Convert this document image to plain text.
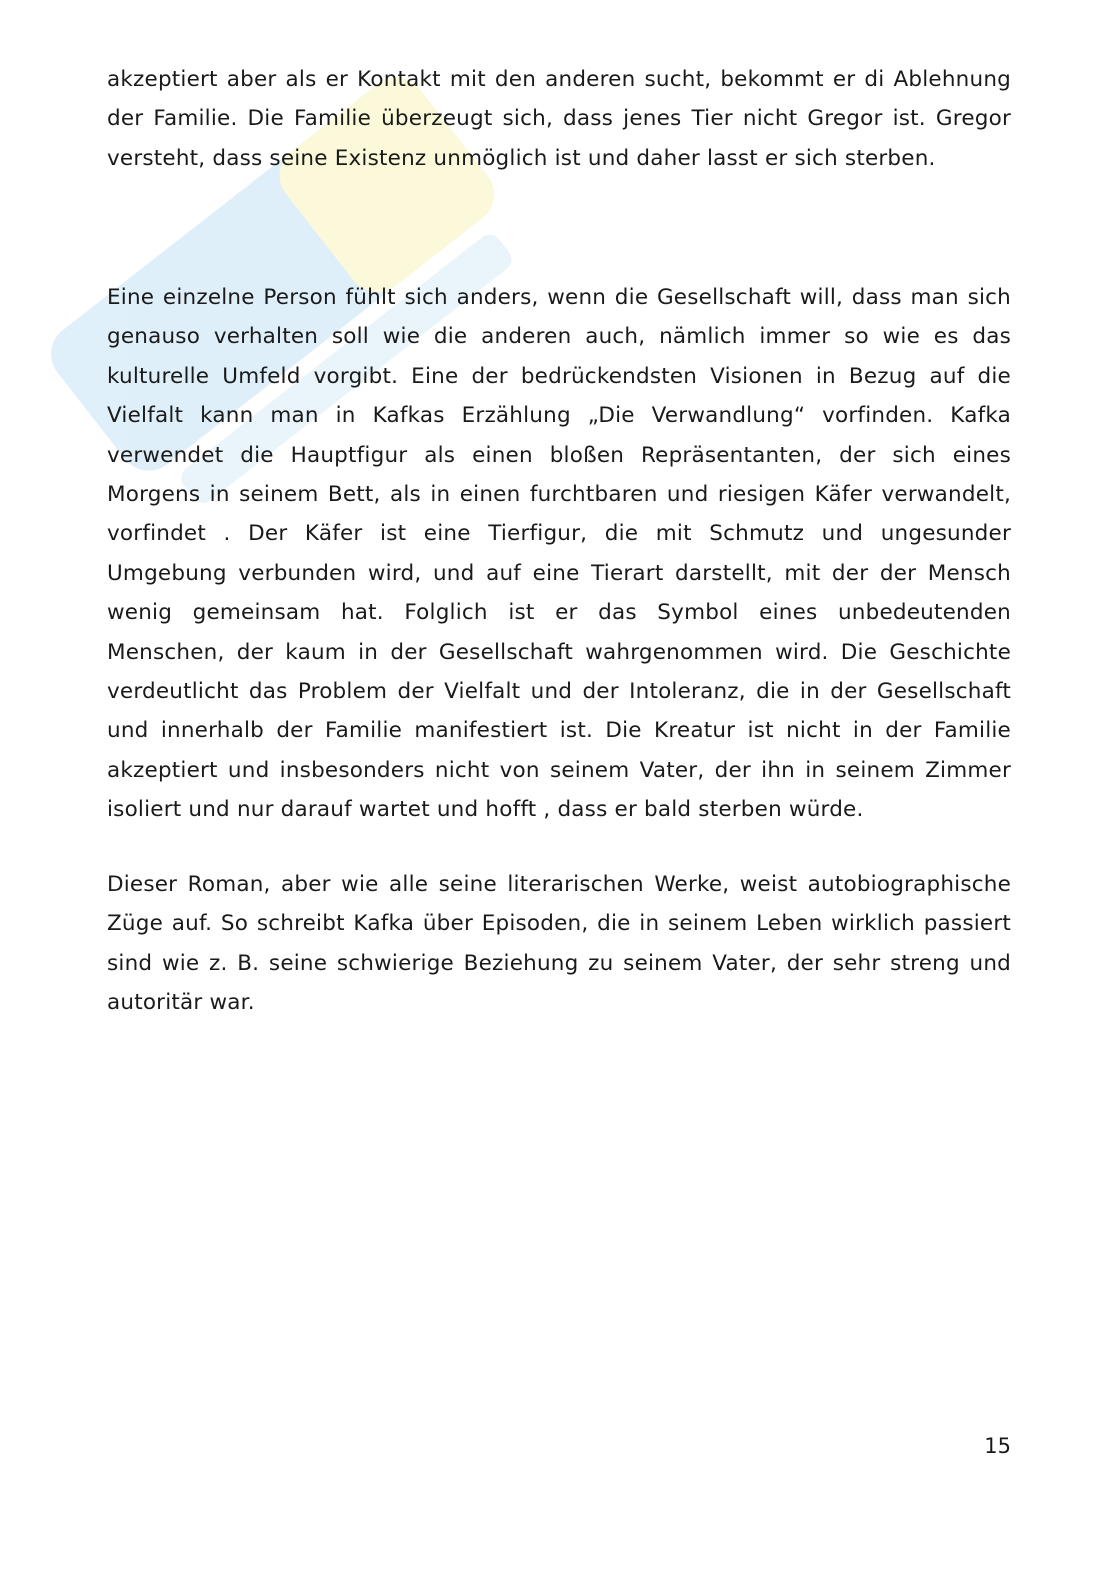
akzeptiert aber als er Kontakt mit den anderen sucht, bekommt er di Ablehnung der Familie. Die Familie überzeugt sich, dass jenes Tier nicht Gregor ist. Gregor versteht, dass seine Existenz unmöglich ist und daher lasst er sich sterben.
Eine einzelne Person fühlt sich anders, wenn die Gesellschaft will, dass man sich genauso verhalten soll wie die anderen auch, nämlich immer so wie es das kulturelle Umfeld vorgibt. Eine der bedrückendsten Visionen in Bezug auf die Vielfalt kann man in Kafkas Erzählung „Die Verwandlung“ vorfinden. Kafka verwendet die Hauptfigur als einen bloßen Repräsentanten, der sich eines Morgens in seinem Bett, als in einen furchtbaren und riesigen Käfer verwandelt, vorfindet . Der Käfer ist eine Tierfigur, die mit Schmutz und ungesunder Umgebung verbunden wird, und auf eine Tierart darstellt, mit der der Mensch wenig gemeinsam hat. Folglich ist er das Symbol eines unbedeutenden Menschen, der kaum in der Gesellschaft wahrgenommen wird. Die Geschichte verdeutlicht das Problem der Vielfalt und der Intoleranz, die in der Gesellschaft und innerhalb der Familie manifestiert ist. Die Kreatur ist nicht in der Familie akzeptiert und insbesonders nicht von seinem Vater, der ihn in seinem Zimmer isoliert und nur darauf wartet und hofft , dass er bald sterben würde.
Dieser Roman, aber wie alle seine literarischen Werke, weist autobiographische Züge auf. So schreibt Kafka über Episoden, die in seinem Leben wirklich passiert sind wie z. B. seine schwierige Beziehung zu seinem Vater, der sehr streng und autoritär war.
15
